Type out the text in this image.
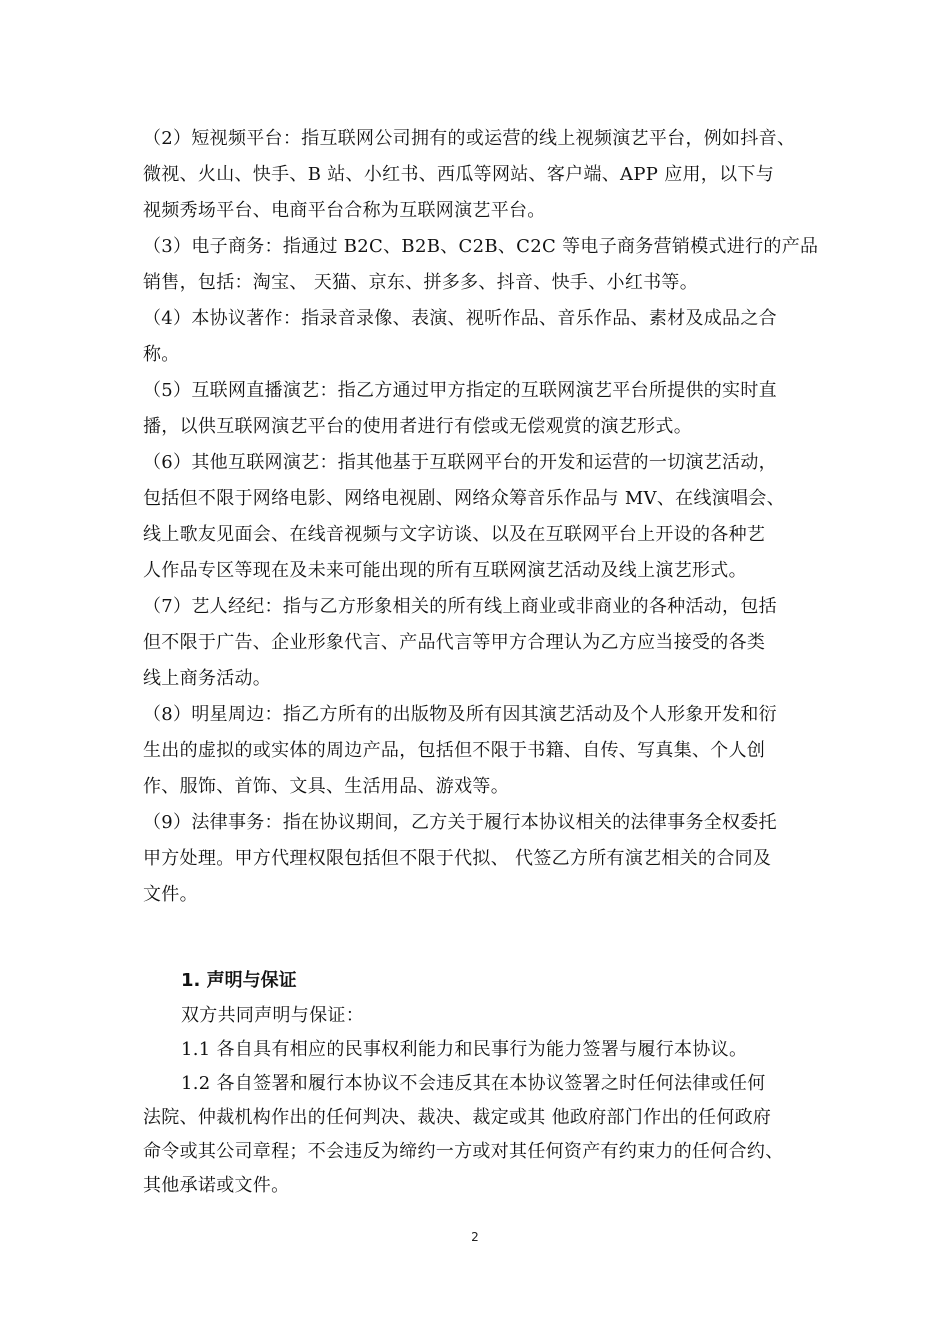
（2）短视频平台：指互联网公司拥有的或运营的线上视频演艺平台，例如抖音、
微视、火山、快手、B 站、小红书、西瓜等网站、客户端、APP 应用，以下与
视频秀场平台、电商平台合称为互联网演艺平台。
（3）电子商务：指通过 B2C、B2B、C2B、C2C 等电子商务营销模式进行的产品
销售，包括：淘宝、 天猫、京东、拼多多、抖音、快手、小红书等。
（4）本协议著作：指录音录像、表演、视听作品、音乐作品、素材及成品之合
称。
（5）互联网直播演艺：指乙方通过甲方指定的互联网演艺平台所提供的实时直
播，以供互联网演艺平台的使用者进行有偿或无偿观赏的演艺形式。
（6）其他互联网演艺：指其他基于互联网平台的开发和运营的一切演艺活动，
包括但不限于网络电影、网络电视剧、网络众筹音乐作品与 MV、在线演唱会、
线上歌友见面会、在线音视频与文字访谈、以及在互联网平台上开设的各种艺
人作品专区等现在及未来可能出现的所有互联网演艺活动及线上演艺形式。
（7）艺人经纪：指与乙方形象相关的所有线上商业或非商业的各种活动，包括
但不限于广告、企业形象代言、产品代言等甲方合理认为乙方应当接受的各类
线上商务活动。
（8）明星周边：指乙方所有的出版物及所有因其演艺活动及个人形象开发和衍
生出的虚拟的或实体的周边产品，包括但不限于书籍、自传、写真集、个人创
作、服饰、首饰、文具、生活用品、游戏等。
（9）法律事务：指在协议期间，乙方关于履行本协议相关的法律事务全权委托
甲方处理。甲方代理权限包括但不限于代拟、 代签乙方所有演艺相关的合同及
文件。
1. 声明与保证
双方共同声明与保证：
1.1 各自具有相应的民事权利能力和民事行为能力签署与履行本协议。
1.2 各自签署和履行本协议不会违反其在本协议签署之时任何法律或任何
法院、仲裁机构作出的任何判决、裁决、裁定或其 他政府部门作出的任何政府
命令或其公司章程；不会违反为缔约一方或对其任何资产有约束力的任何合约、
其他承诺或文件。
2
